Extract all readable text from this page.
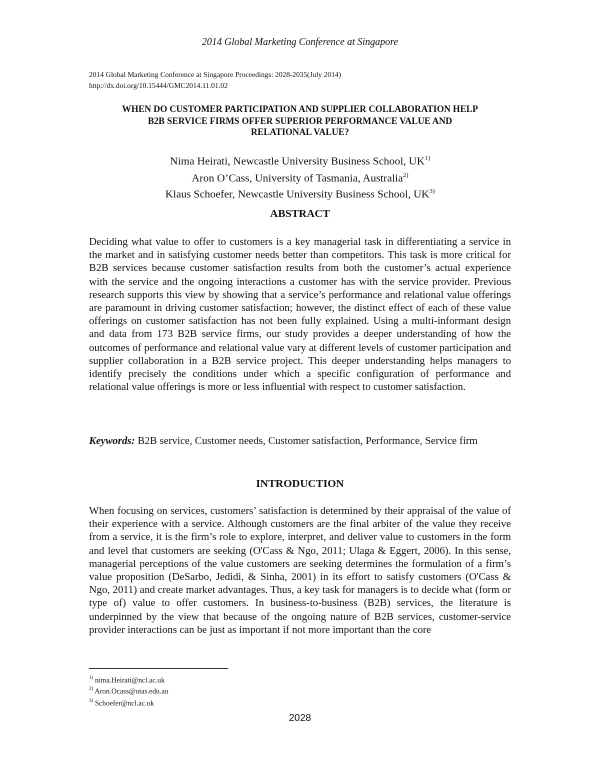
2014 Global Marketing Conference at Singapore
2014 Global Marketing Conference at Singapore Proceedings: 2028-2035(July 2014)
http://dx.doi.org/10.15444/GMC2014.11.01.02
WHEN DO CUSTOMER PARTICIPATION AND SUPPLIER COLLABORATION HELP
B2B SERVICE FIRMS OFFER SUPERIOR PERFORMANCE VALUE AND
RELATIONAL VALUE?
Nima Heirati, Newcastle University Business School, UK$^{1)}$
Aron O’Cass, University of Tasmania, Australia$^{2)}$
Klaus Schoefer, Newcastle University Business School, UK$^{3)}$
ABSTRACT
Deciding what value to offer to customers is a key managerial task in differentiating a service in the market and in satisfying customer needs better than competitors. This task is more critical for B2B services because customer satisfaction results from both the customer’s actual experience with the service and the ongoing interactions a customer has with the service provider. Previous research supports this view by showing that a service’s performance and relational value offerings are paramount in driving customer satisfaction; however, the distinct effect of each of these value offerings on customer satisfaction has not been fully explained. Using a multi-informant design and data from 173 B2B service firms, our study provides a deeper understanding of how the outcomes of performance and relational value vary at different levels of customer participation and supplier collaboration in a B2B service project. This deeper understanding helps managers to identify precisely the conditions under which a specific configuration of performance and relational value offerings is more or less influential with respect to customer satisfaction.
Keywords: B2B service, Customer needs, Customer satisfaction, Performance, Service firm
INTRODUCTION
When focusing on services, customers’ satisfaction is determined by their appraisal of the value of their experience with a service. Although customers are the final arbiter of the value they receive from a service, it is the firm’s role to explore, interpret, and deliver value to customers in the form and level that customers are seeking (O'Cass & Ngo, 2011; Ulaga & Eggert, 2006). In this sense, managerial perceptions of the value customers are seeking determines the formulation of a firm’s value proposition (DeSarbo, Jedidi, & Sinha, 2001) in its effort to satisfy customers (O'Cass & Ngo, 2011) and create market advantages. Thus, a key task for managers is to decide what (form or type of) value to offer customers. In business-to-business (B2B) services, the literature is underpinned by the view that because of the ongoing nature of B2B services, customer-service provider interactions can be just as important if not more important than the core
$^{1)}$ nima.Heirati@ncl.ac.uk
$^{2)}$ Aron.Ocass@utas.edu.au
$^{3)}$ Schoefer@ncl.ac.uk
2028
